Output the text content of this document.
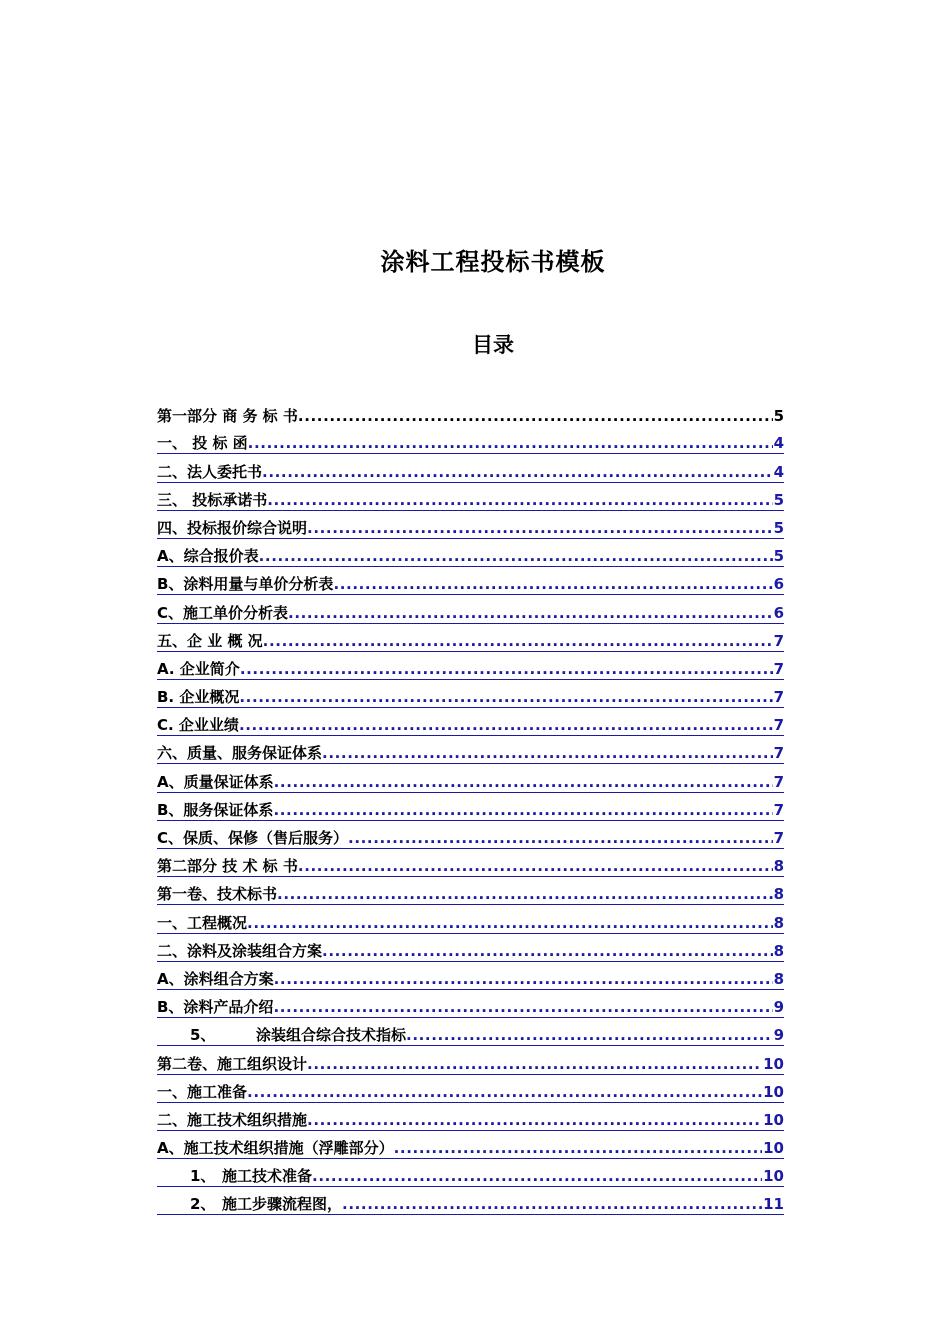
涂料工程投标书模板
目录
第一部分 商 务 标 书 .....	5
一、 投 标 函 .....	4
二、法人委托书 .....	4
三、 投标承诺书 .....	5
四、投标报价综合说明 .....	5
A、综合报价表 .....	5
B、涂料用量与单价分析表 .....	6
C、施工单价分析表 .....	6
五、企 业 概 况 .....	7
A. 企业简介 .....	7
B. 企业概况 .....	7
C. 企业业绩 .....	7
六、质量、服务保证体系 .....	7
A、质量保证体系 .....	7
B、服务保证体系 .....	7
C、保质、保修（售后服务） .....	7
第二部分 技 术 标 书 .....	8
第一卷、技术标书 .....	8
一、工程概况 .....	8
二、涂料及涂装组合方案 .....	8
A、涂料组合方案 .....	8
B、涂料产品介绍 .....	9
5、	涂装组合综合技术指标 .....	9
第二卷、施工组织设计 .....	10
一、施工准备 .....	10
二、施工技术组织措施 .....	10
A、施工技术组织措施（浮雕部分） .....	10
1、 施工技术准备 .....	10
2、 施工步骤流程图， .....	11
